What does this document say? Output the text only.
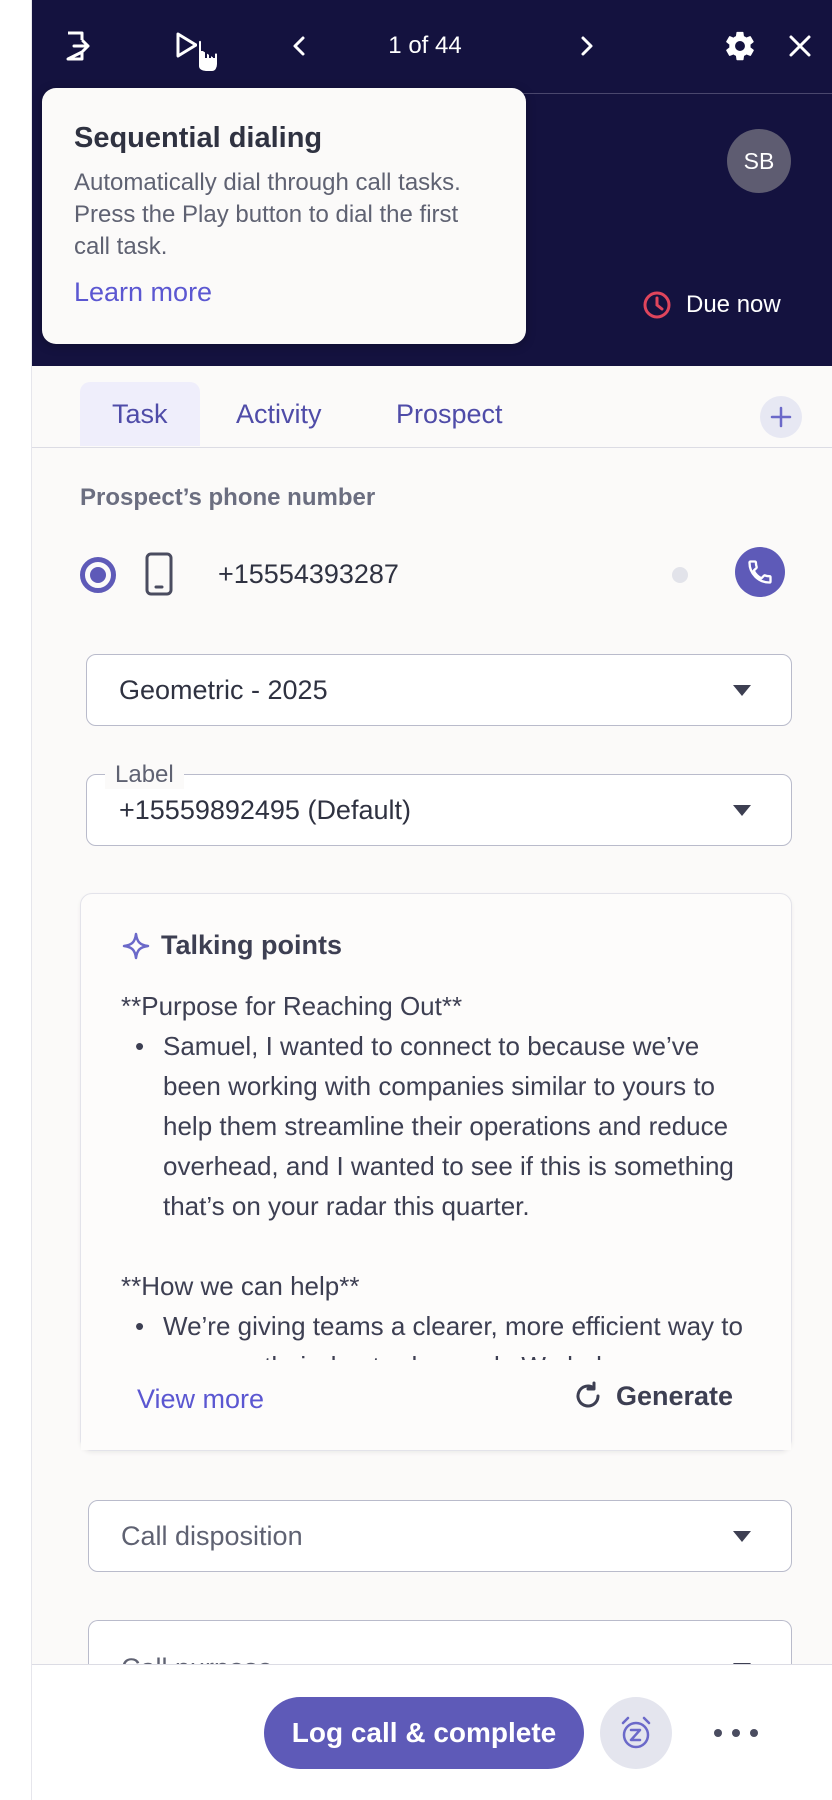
1 of 44
SB
Due now
Sequential dialing
Automatically dial through call tasks. Press the Play button to dial the first call task.
Learn more
Task	Activity	Prospect
Prospect’s phone number
+15554393287
Geometric - 2025
Label
+15559892495 (Default)
Talking points
**Purpose for Reaching Out**
• Samuel, I wanted to connect to because we’ve been working with companies similar to yours to help them streamline their operations and reduce overhead, and I wanted to see if this is something that’s on your radar this quarter.
**How we can help**
• We’re giving teams a clearer, more efficient way to
View more	Generate
Call disposition
Log call & complete
